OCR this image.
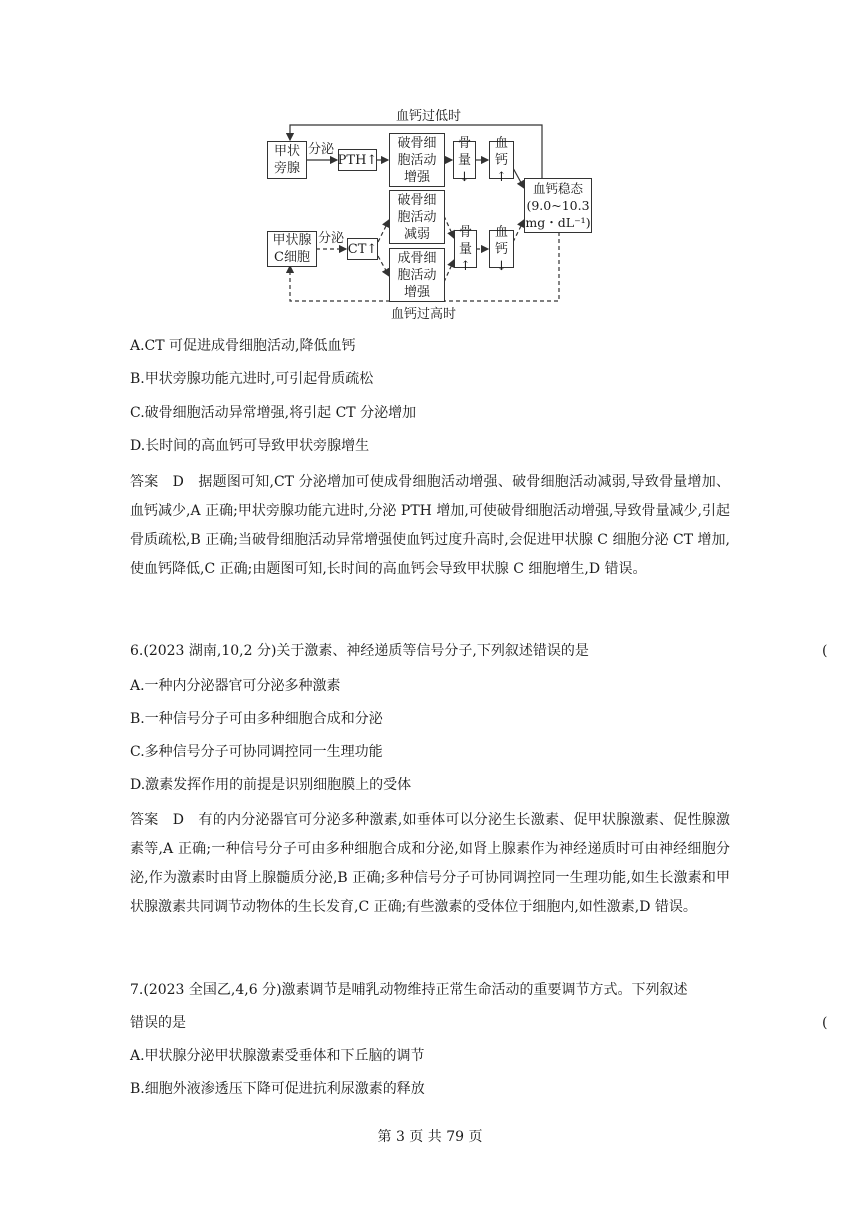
血钙过低时
血钙过高时
甲状
旁腺
分泌
PTH↑
破骨细
胞活动
增强
骨
量↓
血
钙↑
血钙稳态
(9.0~10.3
mg・dL⁻¹)
甲状腺
C细胞
分泌
CT↑
破骨细
胞活动
减弱
成骨细
胞活动
增强
骨
量↑
血
钙↓
A.CT 可促进成骨细胞活动,降低血钙
B.甲状旁腺功能亢进时,可引起骨质疏松
C.破骨细胞活动异常增强,将引起 CT 分泌增加
D.长时间的高血钙可导致甲状旁腺增生
答案　D　据题图可知,CT 分泌增加可使成骨细胞活动增强、破骨细胞活动减弱,导致骨量增加、血钙减少,A 正确;甲状旁腺功能亢进时,分泌 PTH 增加,可使破骨细胞活动增强,导致骨量减少,引起骨质疏松,B 正确;当破骨细胞活动异常增强使血钙过度升高时,会促进甲状腺 C 细胞分泌 CT 增加,使血钙降低,C 正确;由题图可知,长时间的高血钙会导致甲状腺 C 细胞增生,D 错误。
6.(2023 湖南,10,2 分)关于激素、神经递质等信号分子,下列叙述错误的是	(
A.一种内分泌器官可分泌多种激素
B.一种信号分子可由多种细胞合成和分泌
C.多种信号分子可协同调控同一生理功能
D.激素发挥作用的前提是识别细胞膜上的受体
答案　D　有的内分泌器官可分泌多种激素,如垂体可以分泌生长激素、促甲状腺激素、促性腺激素等,A 正确;一种信号分子可由多种细胞合成和分泌,如肾上腺素作为神经递质时可由神经细胞分泌,作为激素时由肾上腺髓质分泌,B 正确;多种信号分子可协同调控同一生理功能,如生长激素和甲状腺激素共同调节动物体的生长发育,C 正确;有些激素的受体位于细胞内,如性激素,D 错误。
7.(2023 全国乙,4,6 分)激素调节是哺乳动物维持正常生命活动的重要调节方式。下列叙述
错误的是	(
A.甲状腺分泌甲状腺激素受垂体和下丘脑的调节
B.细胞外液渗透压下降可促进抗利尿激素的释放
第 3 页 共 79 页
